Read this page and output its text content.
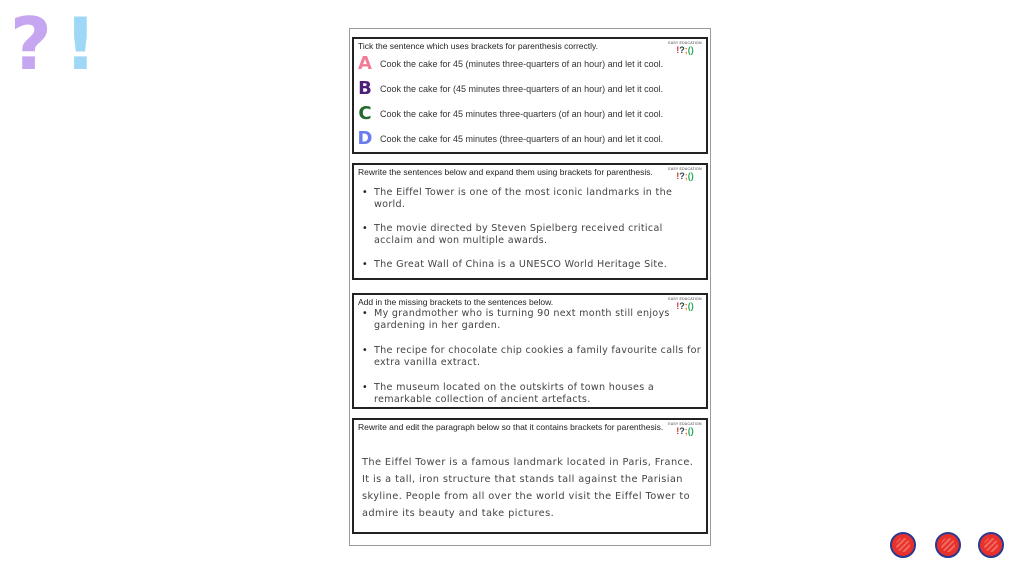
? !	Tick the sentence which uses brackets for parenthesis correctly.	EASY EDUCATION
!?;()
A Cook the cake for 45 (minutes three-quarters of an hour) and let it cool.
B Cook the cake for (45 minutes three-quarters of an hour) and let it cool.
C Cook the cake for 45 minutes three-quarters (of an hour) and let it cool.
D Cook the cake for 45 minutes (three-quarters of an hour) and let it cool.
Rewrite the sentences below and expand them using brackets for parenthesis.	EASY EDUCATION
!?;()
• The Eiffel Tower is one of the most iconic landmarks in the world.
• The movie directed by Steven Spielberg received critical acclaim and won multiple awards.
• The Great Wall of China is a UNESCO World Heritage Site.
Add in the missing brackets to the sentences below.	EASY EDUCATION
!?;()
• My grandmother who is turning 90 next month still enjoys gardening in her garden.
• The recipe for chocolate chip cookies a family favourite calls for extra vanilla extract.
• The museum located on the outskirts of town houses a remarkable collection of ancient artefacts.
Rewrite and edit the paragraph below so that it contains brackets for parenthesis.	EASY EDUCATION
!?;()
The Eiffel Tower is a famous landmark located in Paris, France. It is a tall, iron structure that stands tall against the Parisian skyline. People from all over the world visit the Eiffel Tower to admire its beauty and take pictures.
